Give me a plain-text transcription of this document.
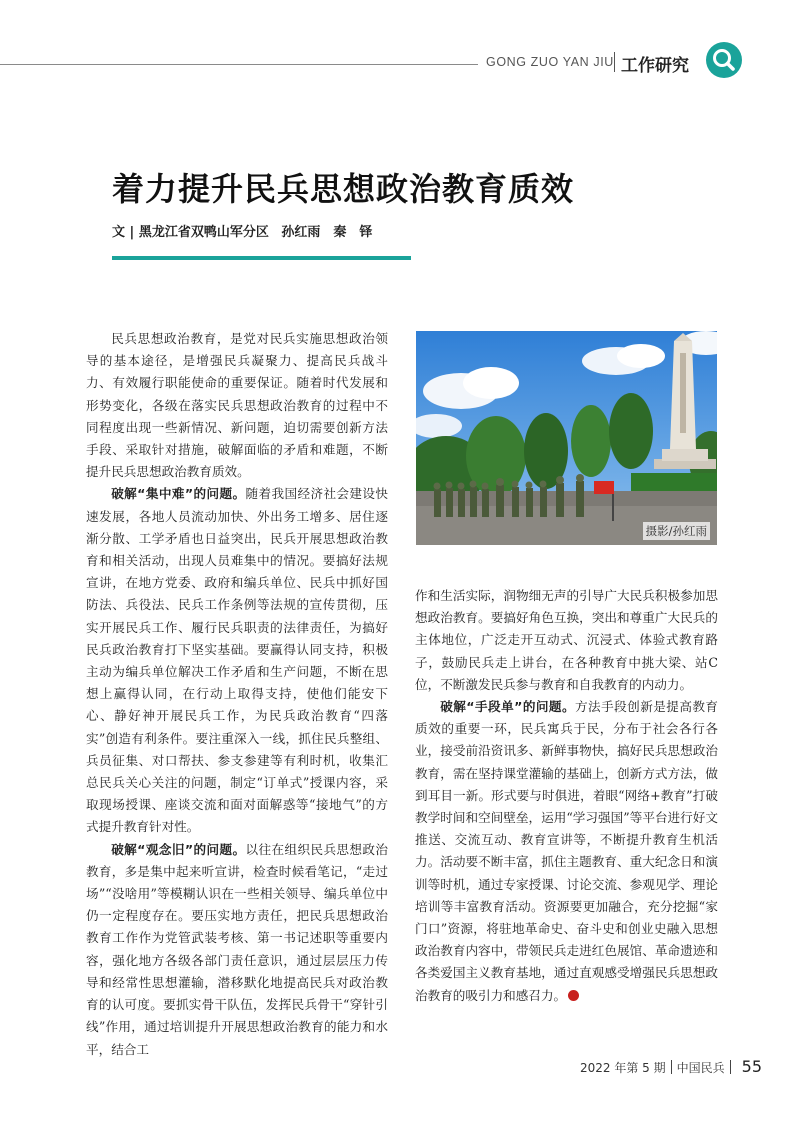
GONG ZUO YAN JIU 工作研究
着力提升民兵思想政治教育质效
文 | 黑龙江省双鸭山军分区 孙红雨　秦　铎

民兵思想政治教育，是党对民兵实施思想政治领导的基本途径，是增强民兵凝聚力、提高民兵战斗力、有效履行职能使命的重要保证。随着时代发展和形势变化，各级在落实民兵思想政治教育的过程中不同程度出现一些新情况、新问题，迫切需要创新方法手段、采取针对措施，破解面临的矛盾和难题，不断提升民兵思想政治教育质效。

破解“集中难”的问题。随着我国经济社会建设快速发展，各地人员流动加快、外出务工增多、居住逐渐分散、工学矛盾也日益突出，民兵开展思想政治教育和相关活动，出现人员难集中的情况。要搞好法规宣讲，在地方党委、政府和编兵单位、民兵中抓好国防法、兵役法、民兵工作条例等法规的宣传贯彻，压实开展民兵工作、履行民兵职责的法律责任，为搞好民兵政治教育打下坚实基础。要赢得认同支持，积极主动为编兵单位解决工作矛盾和生产问题，不断在思想上赢得认同，在行动上取得支持，使他们能安下心、静好神开展民兵工作，为民兵政治教育“四落实”创造有利条件。要注重深入一线，抓住民兵整组、兵员征集、对口帮扶、参支参建等有利时机，收集汇总民兵关心关注的问题，制定“订单式”授课内容，采取现场授课、座谈交流和面对面解惑等“接地气”的方式提升教育针对性。

破解“观念旧”的问题。以往在组织民兵思想政治教育，多是集中起来听宣讲，检查时候看笔记，“走过场”“没啥用”等模糊认识在一些相关领导、编兵单位中仍一定程度存在。要压实地方责任，把民兵思想政治教育工作作为党管武装考核、第一书记述职等重要内容，强化地方各级各部门责任意识，通过层层压力传导和经常性思想灌输，潜移默化地提高民兵对政治教育的认可度。要抓实骨干队伍，发挥民兵骨干“穿针引线”作用，通过培训提升开展思想政治教育的能力和水平，结合工

摄影/孙红雨

作和生活实际，润物细无声的引导广大民兵积极参加思想政治教育。要搞好角色互换，突出和尊重广大民兵的主体地位，广泛走开互动式、沉浸式、体验式教育路子，鼓励民兵走上讲台，在各种教育中挑大梁、站C位，不断激发民兵参与教育和自我教育的内动力。

破解“手段单”的问题。方法手段创新是提高教育质效的重要一环，民兵寓兵于民，分布于社会各行各业，接受前沿资讯多、新鲜事物快，搞好民兵思想政治教育，需在坚持课堂灌输的基础上，创新方式方法，做到耳目一新。形式要与时俱进，着眼“网络+教育”打破教学时间和空间壁垒，运用“学习强国”等平台进行好文推送、交流互动、教育宣讲等，不断提升教育生机活力。活动要不断丰富，抓住主题教育、重大纪念日和演训等时机，通过专家授课、讨论交流、参观见学、理论培训等丰富教育活动。资源要更加融合，充分挖掘“家门口”资源，将驻地革命史、奋斗史和创业史融入思想政治教育内容中，带领民兵走进红色展馆、革命遗迹和各类爱国主义教育基地，通过直观感受增强民兵思想政治教育的吸引力和感召力。

2022 年第 5 期 中国民兵 55
